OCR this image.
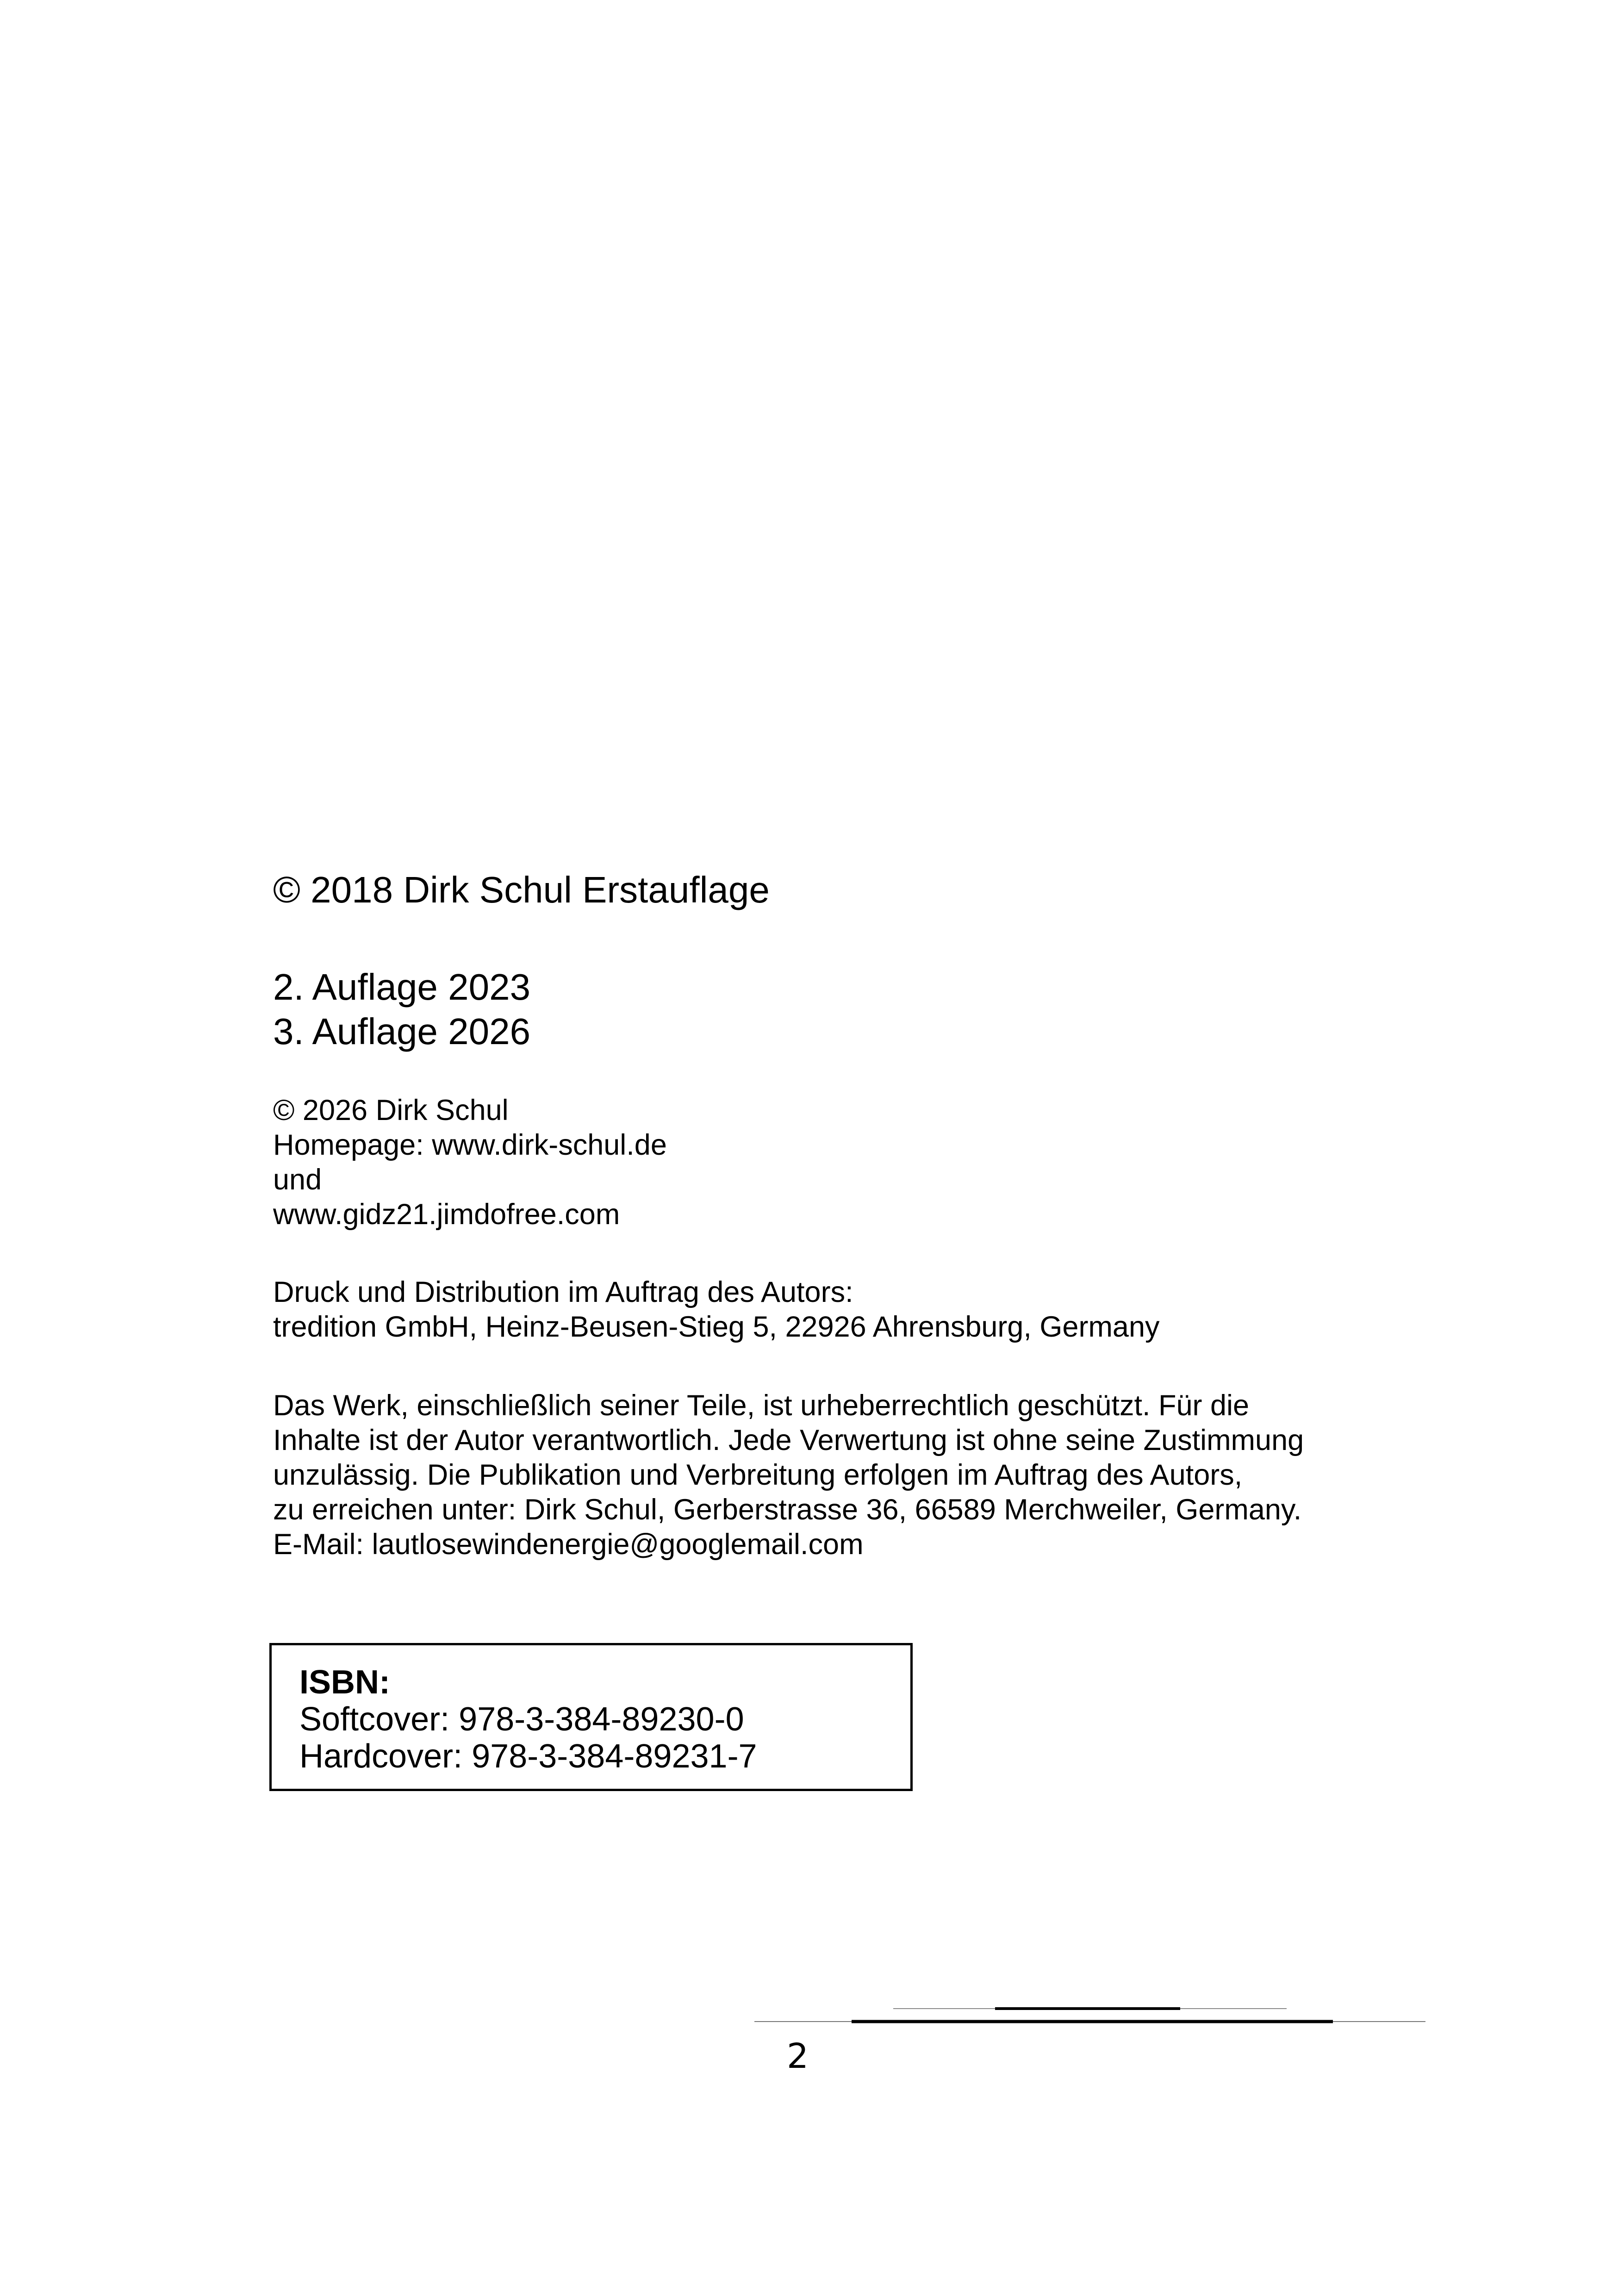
© 2018 Dirk Schul Erstauflage
2. Auflage 2023
3. Auflage 2026
© 2026 Dirk Schul
Homepage: www.dirk-schul.de
und
www.gidz21.jimdofree.com
Druck und Distribution im Auftrag des Autors:
tredition GmbH, Heinz-Beusen-Stieg 5, 22926 Ahrensburg, Germany
Das Werk, einschließlich seiner Teile, ist urheberrechtlich geschützt. Für die
Inhalte ist der Autor verantwortlich. Jede Verwertung ist ohne seine Zustimmung
unzulässig. Die Publikation und Verbreitung erfolgen im Auftrag des Autors,
zu erreichen unter: Dirk Schul, Gerberstrasse 36, 66589 Merchweiler, Germany.
E-Mail: lautlosewindenergie@googlemail.com
ISBN:
Softcover: 978-3-384-89230-0
Hardcover: 978-3-384-89231-7
2
